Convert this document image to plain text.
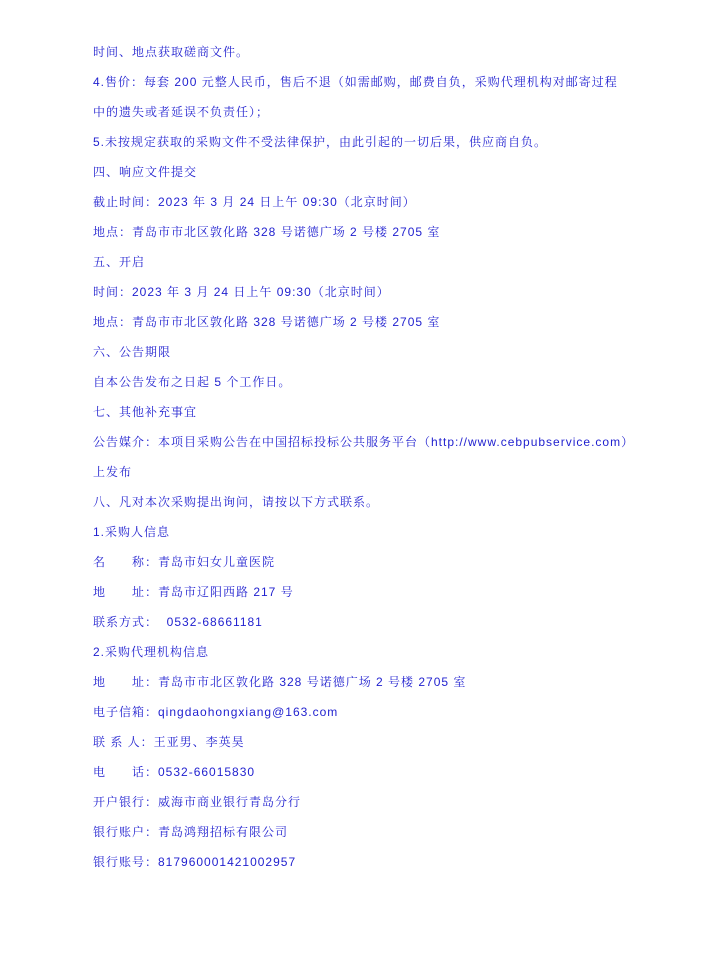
时间、地点获取磋商文件。
4.售价：每套 200 元整人民币，售后不退（如需邮购，邮费自负，采购代理机构对邮寄过程
中的遗失或者延误不负责任）；
5.未按规定获取的采购文件不受法律保护，由此引起的一切后果，供应商自负。
四、响应文件提交
截止时间：2023 年 3 月 24 日上午 09:30（北京时间）
地点：青岛市市北区敦化路 328 号诺德广场 2 号楼 2705 室
五、开启
时间：2023 年 3 月 24 日上午 09:30（北京时间）
地点：青岛市市北区敦化路 328 号诺德广场 2 号楼 2705 室
六、公告期限
自本公告发布之日起 5 个工作日。
七、其他补充事宜
公告媒介：本项目采购公告在中国招标投标公共服务平台（http://www.cebpubservice.com）
上发布
八、凡对本次采购提出询问，请按以下方式联系。
1.采购人信息
名　　称：青岛市妇女儿童医院
地　　址：青岛市辽阳西路 217 号
联系方式：  0532-68661181
2.采购代理机构信息
地　　址：青岛市市北区敦化路 328 号诺德广场 2 号楼 2705 室
电子信箱：qingdaohongxiang@163.com
联 系 人：王亚男、李英昊
电　　话：0532-66015830
开户银行：威海市商业银行青岛分行
银行账户：青岛鸿翔招标有限公司
银行账号：817960001421002957
